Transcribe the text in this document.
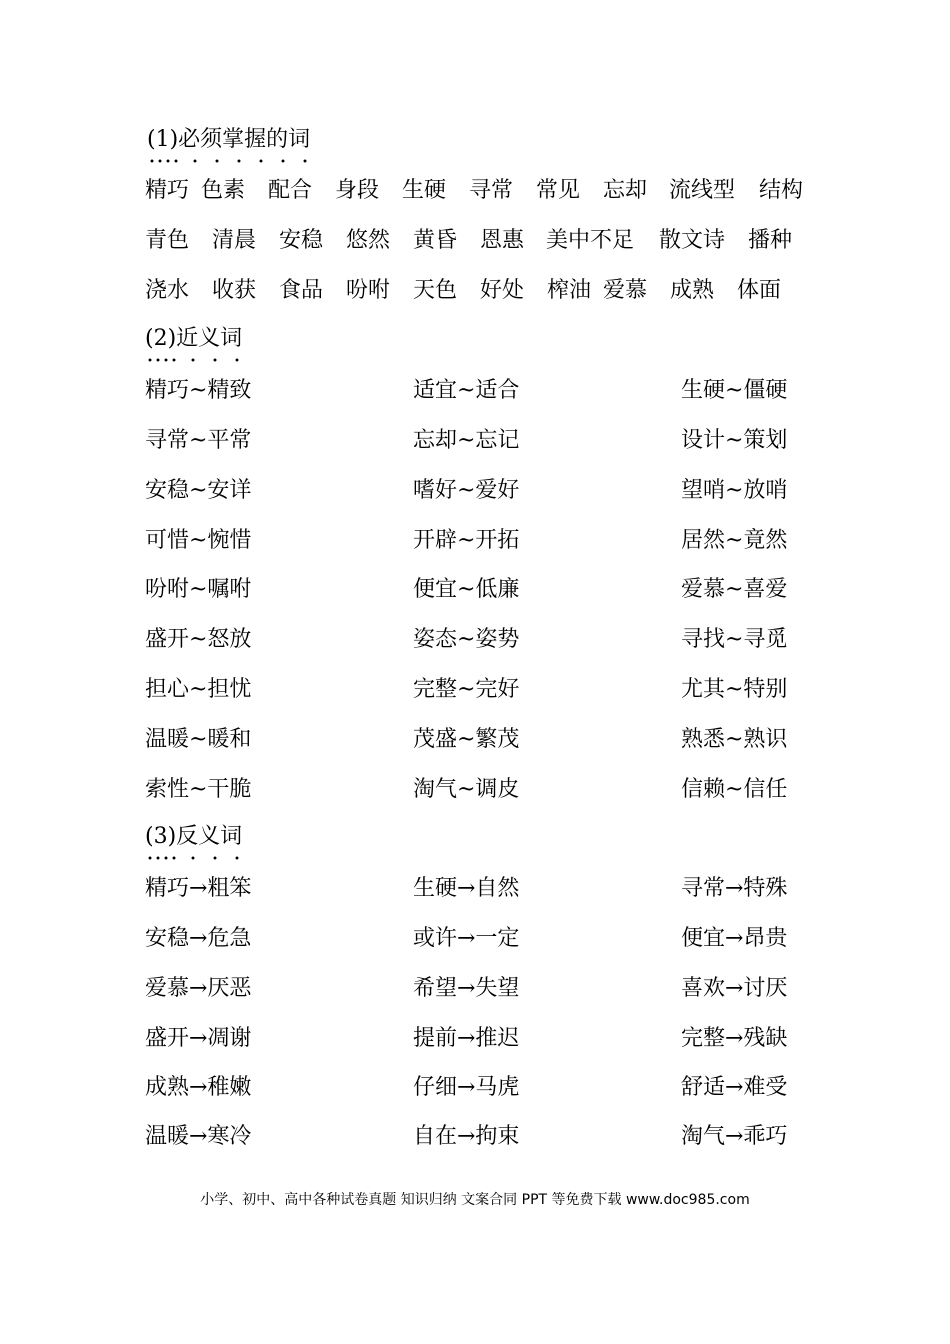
(1)必须掌握的词
精巧 色素 配合 身段 生硬 寻常 常见 忘却 流线型 结构
青色 清晨 安稳 悠然 黄昏 恩惠 美中不足 散文诗 播种
浇水 收获 食品 吩咐 天色 好处 榨油 爱慕 成熟 体面
(2)近义词
精巧~精致	适宜~适合	生硬~僵硬
寻常~平常	忘却~忘记	设计~策划
安稳~安详	嗜好~爱好	望哨~放哨
可惜~惋惜	开辟~开拓	居然~竟然
吩咐~嘱咐	便宜~低廉	爱慕~喜爱
盛开~怒放	姿态~姿势	寻找~寻觅
担心~担忧	完整~完好	尤其~特别
温暖~暖和	茂盛~繁茂	熟悉~熟识
索性~干脆	淘气~调皮	信赖~信任
(3)反义词
精巧→粗笨	生硬→自然	寻常→特殊
安稳→危急	或许→一定	便宜→昂贵
爱慕→厌恶	希望→失望	喜欢→讨厌
盛开→凋谢	提前→推迟	完整→残缺
成熟→稚嫩	仔细→马虎	舒适→难受
温暖→寒冷	自在→拘束	淘气→乖巧
小学、初中、高中各种试卷真题 知识归纳 文案合同 PPT 等免费下载 www.doc985.com
